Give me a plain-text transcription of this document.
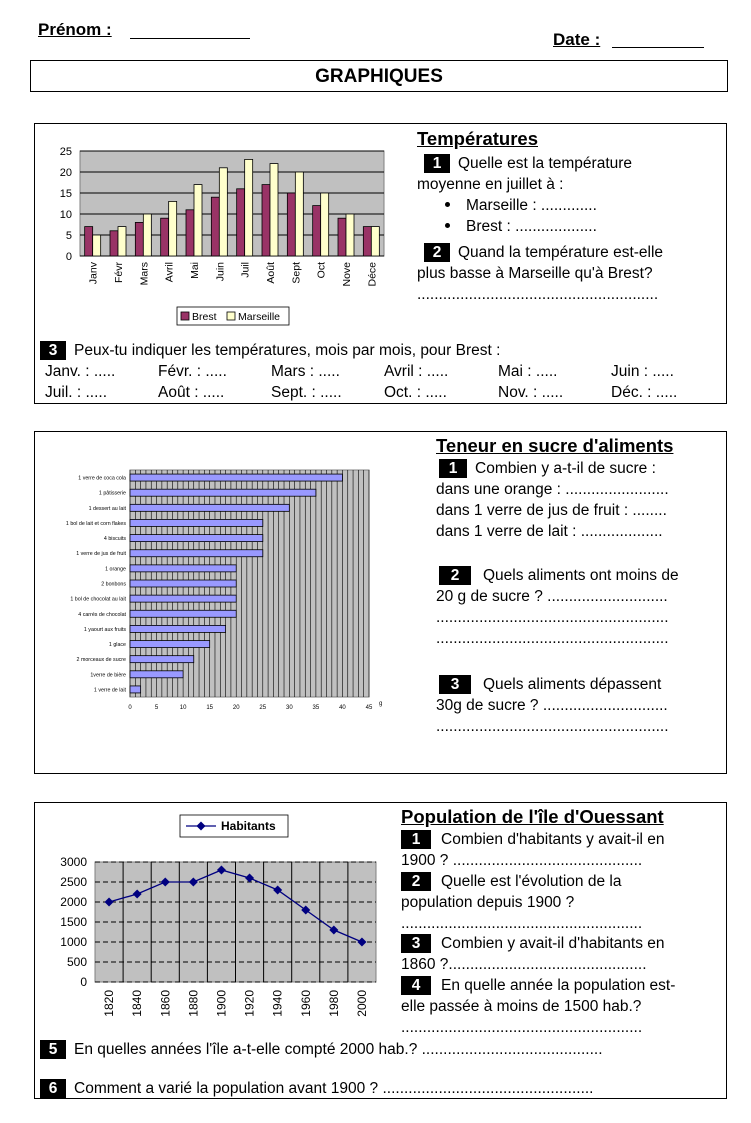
Prénom :
Date :
GRAPHIQUES
0
5
10
15
20
25
Janv Févr Mars Avril Mai Juin Juil Août Sept Oct Nove Déce
Brest Marseille
Températures
1 Quelle est la température
moyenne en juillet à :
Marseille : .............
Brest : ...................
2 Quand la température est-elle
plus basse à Marseille qu'à Brest?
........................................................
3 Peux-tu indiquer les températures, mois par mois, pour Brest :
Janv. : .....	Févr. : .....	Mars : .....	Avril : .....	Mai : .....	Juin : .....
Juil. : .....	Août : .....	Sept. : .....	Oct. : .....	Nov. : .....	Déc. : .....
1 verre de coca cola
1 pâtisserie
1 dessert au lait
1 bol de lait et corn flakes
4 biscuits
1 verre de jus de fruit
1 orange
2 bonbons
1 bol de chocolat au lait
4 carrés de chocolat
1 yaourt aux fruits
1 glace
2 morceaux de sucre
1verre de bière
1 verre de lait
0	5	10	15	20	25	30	35	40	45
g
Teneur en sucre d'aliments
1 Combien y a-t-il de sucre :
dans une orange : ........................
dans 1 verre de jus de fruit : ........
dans 1 verre de lait : ...................
2 Quels aliments ont moins de
20 g de sucre ? ............................
......................................................
......................................................
3 Quels aliments dépassent
30g de sucre ? .............................
......................................................
0
500
1000
1500
2000
2500
3000
1820 1840 1860 1880 1900 1920 1940 1960 1980 2000
Habitants	Population de l'île d'Ouessant
1 Combien d'habitants y avait-il en
1900 ? ............................................
2 Quelle est l'évolution de la
population depuis 1900 ?
........................................................
3 Combien y avait-il d'habitants en
1860 ?..............................................
4 En quelle année la population est-
elle passée à moins de 1500 hab.?
........................................................
5 En quelles années l'île a-t-elle compté 2000 hab.? ..........................................
6 Comment a varié la population avant 1900 ? .................................................
